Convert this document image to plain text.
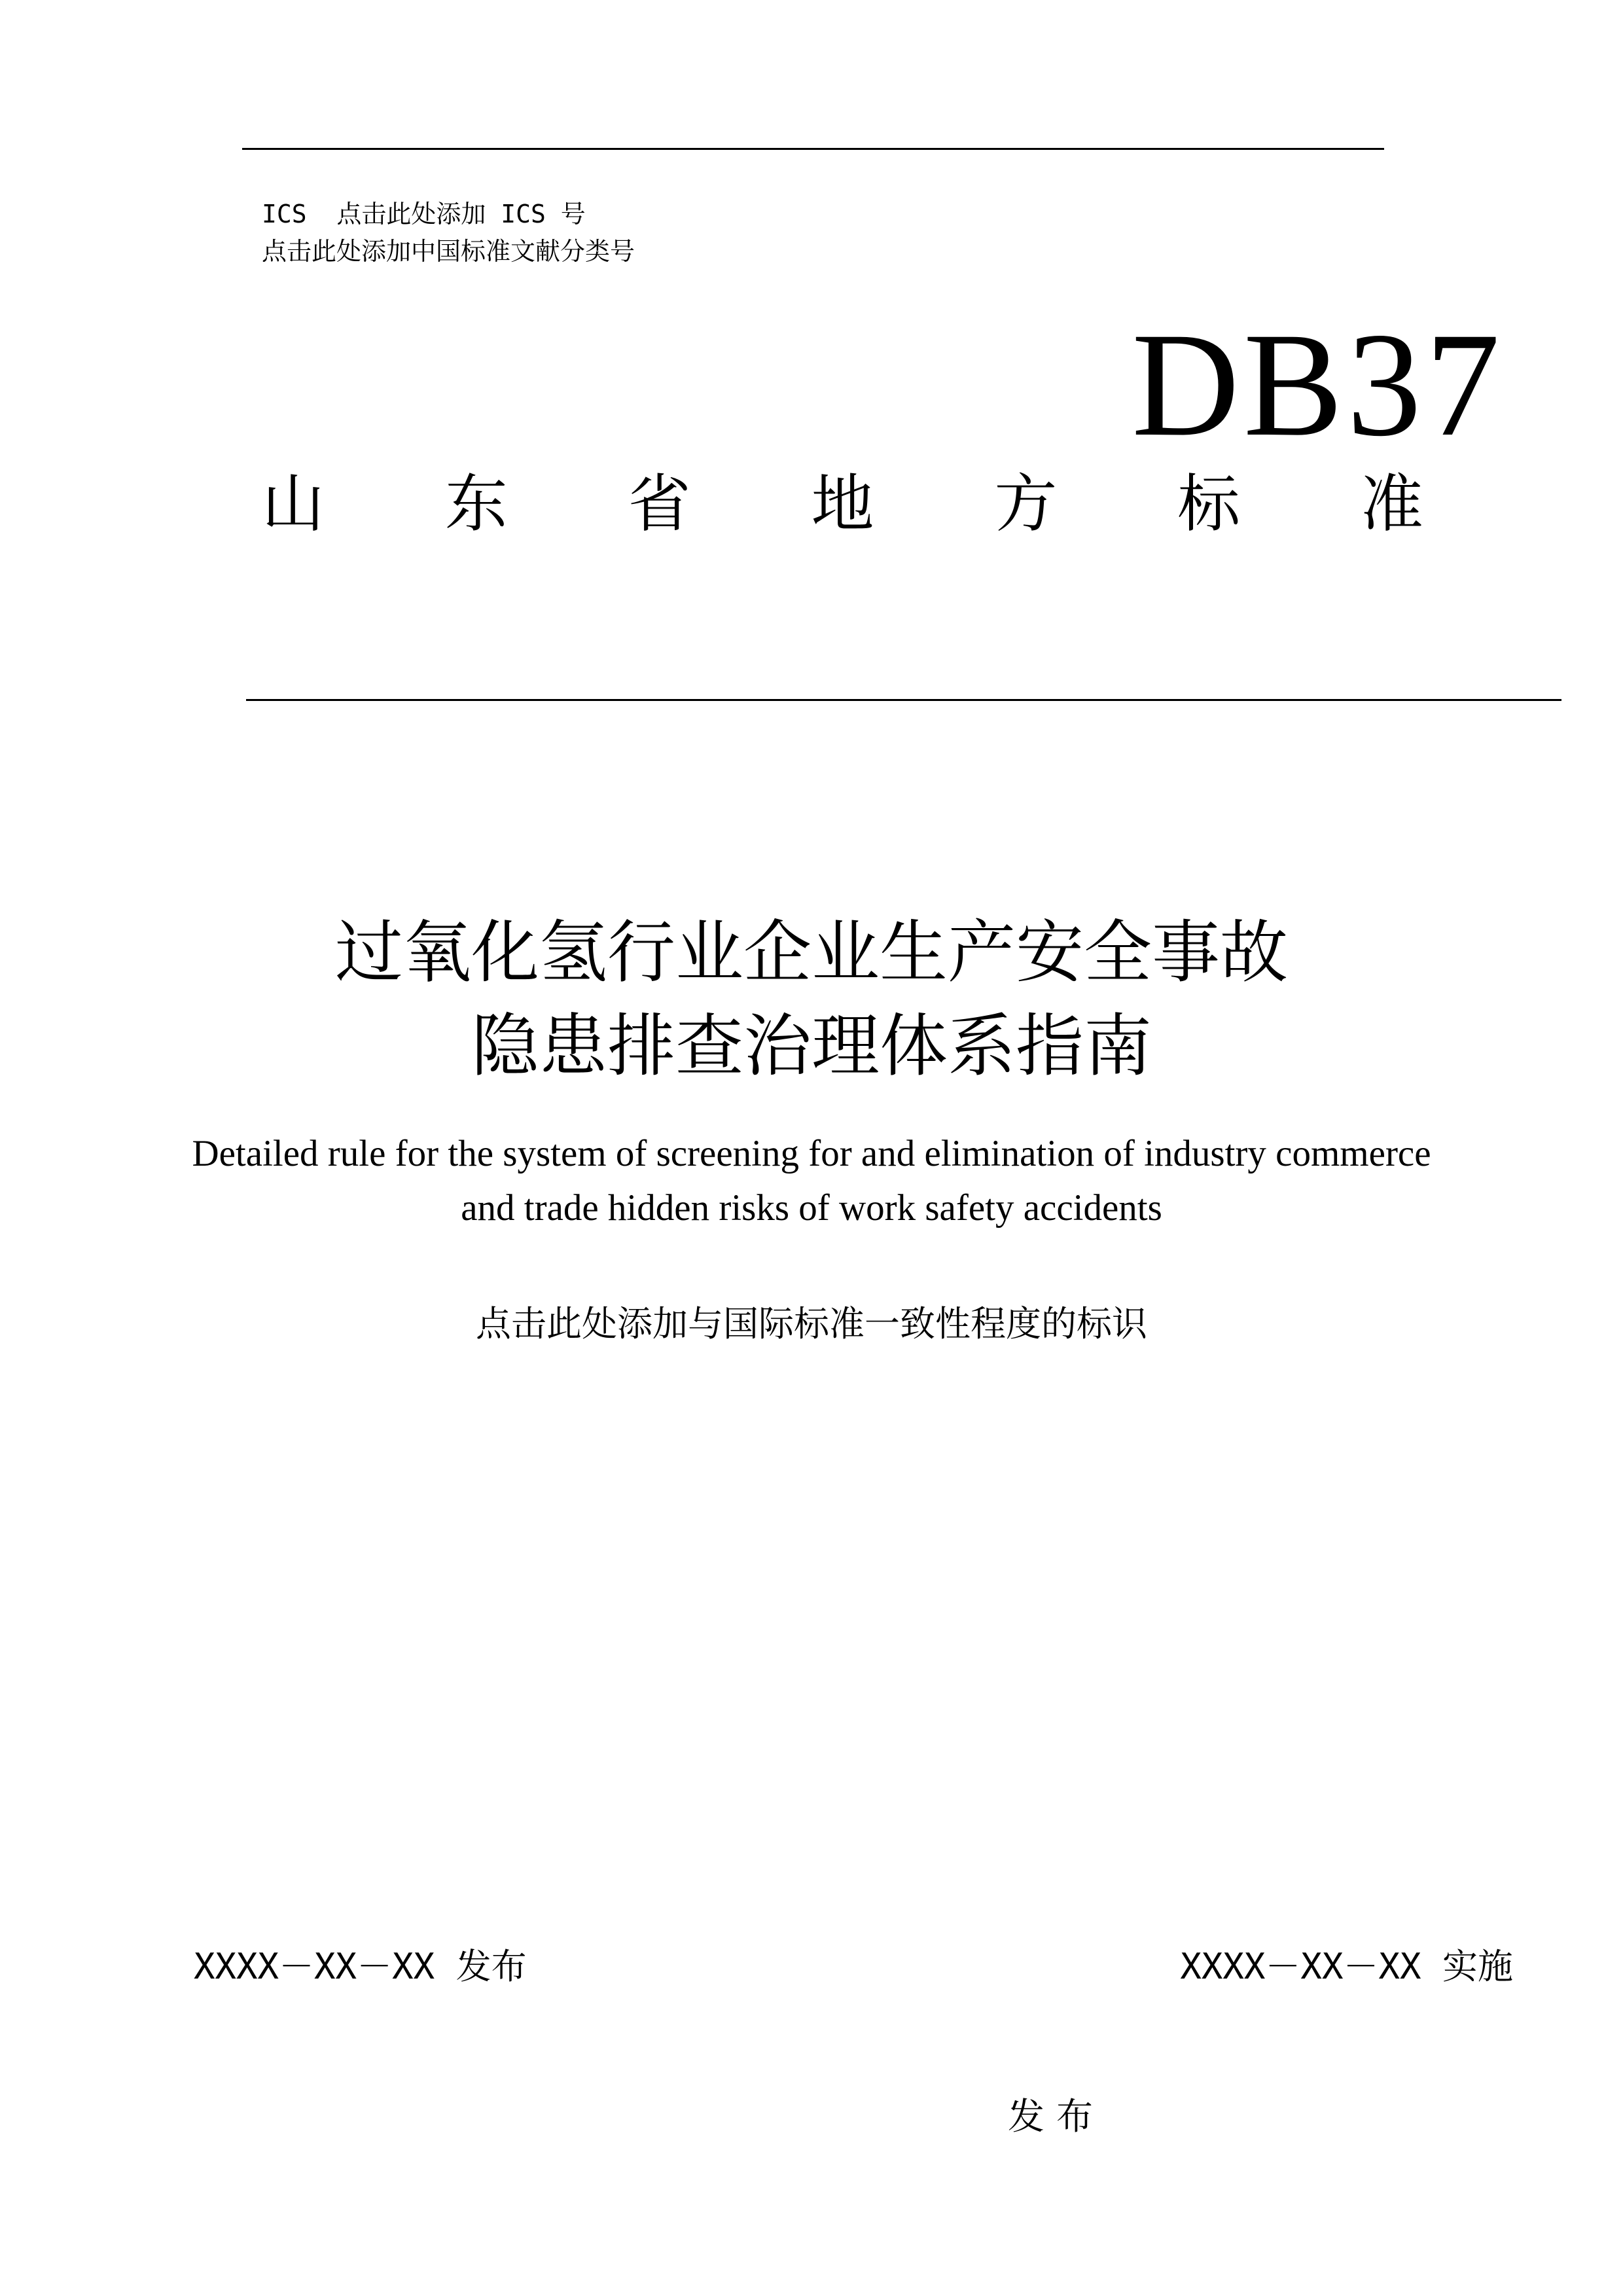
ICS  点击此处添加 ICS 号
点击此处添加中国标准文献分类号
DB37
山 东 省 地 方 标 准
过氧化氢行业企业生产安全事故
隐患排查治理体系指南
Detailed rule for the system of screening for and elimination of industry commerce
and trade hidden risks of work safety accidents
点击此处添加与国际标准一致性程度的标识
XXXX－XX－XX 发布	XXXX－XX－XX 实施
发布
